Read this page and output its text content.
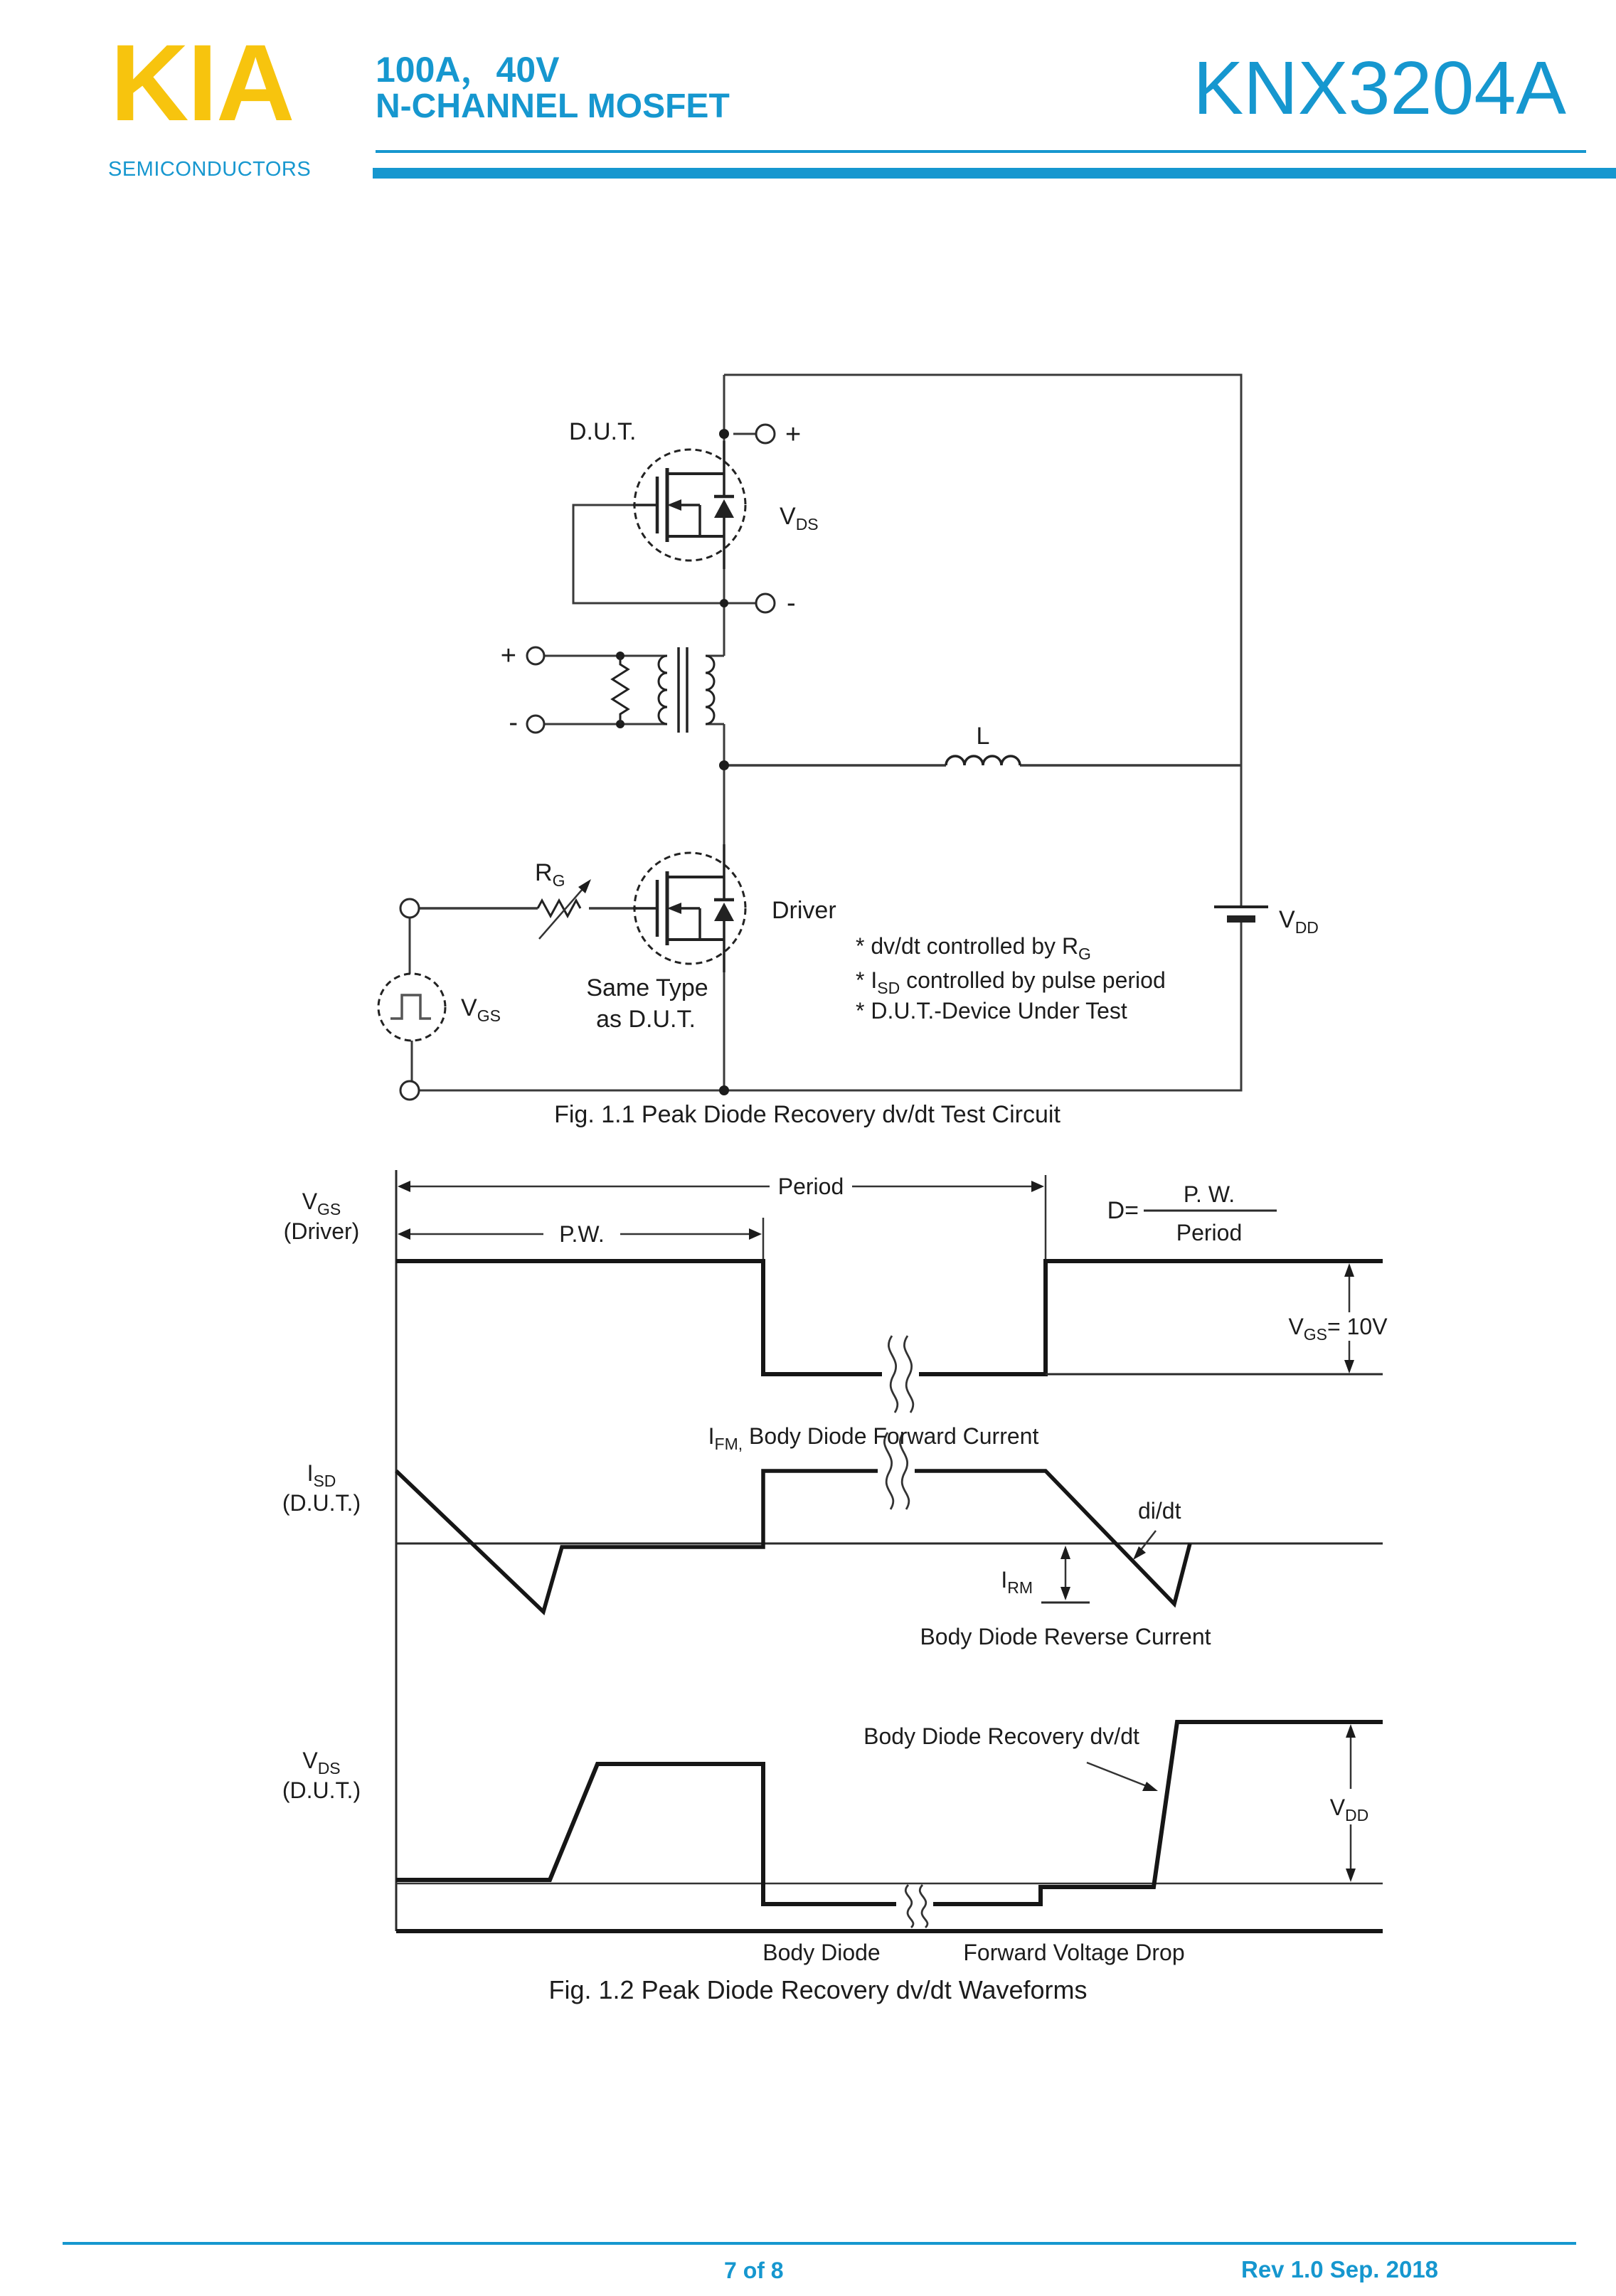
KIA
SEMICONDUCTORS
100A，40V
N-CHANNEL MOSFET	KNX3204A
D.U.T.	+
-
$V_{DS}$
+
-	L
$R_G$
Driver
$V_{GS}$
Same Type
as D.U.T.
$V_{DD}$
* dv/dt controlled by $R_G$
* $I_{SD}$ controlled by pulse period
* D.U.T.-Device Under Test
Fig. 1.1 Peak Diode Recovery dv/dt Test Circuit
$V_{GS}= 10V$
Period
P.W.
D=
P. W.
Period
$I_{FM,}$ Body Diode Forward Current
di/dt
$I_{RM}$
Body Diode Reverse Current
Body Diode Recovery dv/dt
$V_{DD}$
$V_{GS}$
(Driver)
$I_{SD}$
(D.U.T.)
$V_{DS}$
(D.U.T.)
Body Diode	Forward Voltage Drop
Fig. 1.2 Peak Diode Recovery dv/dt Waveforms
7 of 8	Rev 1.0 Sep. 2018
